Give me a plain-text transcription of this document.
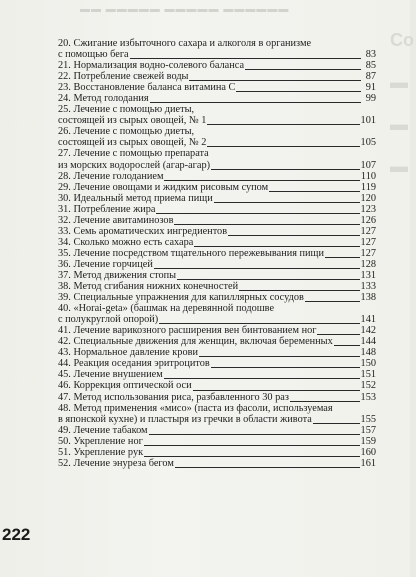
▬▬ ▬▬▬▬▬ ▬▬▬▬▬ ▬▬▬▬▬▬
Со

▬

▬

▬
20. Сжигание избыточного сахара и алкоголя в организме
с помощью бега	83
21. Нормализация водно-солевого баланса	85
22. Потребление свежей воды	87
23. Восстановление баланса витамина С	91
24. Метод голодания	99
25. Лечение с помощью диеты,
состоящей из сырых овощей, № 1	101
26. Лечение с помощью диеты,
состоящей из сырых овощей, № 2	105
27. Лечение с помощью препарата
из морских водорослей (агар-агар)	107
28. Лечение голоданием	110
29. Лечение овощами и жидким рисовым супом	119
30. Идеальный метод приема пищи	120
31. Потребление жира	123
32. Лечение авитаминозов	126
33. Семь ароматических ингредиентов	127
34. Сколько можно есть сахара	127
35. Лечение посредством тщательного пережевывания пищи	127
36. Лечение горчицей	128
37. Метод движения стопы	131
38. Метод сгибания нижних конечностей	133
39. Специальные упражнения для капиллярных сосудов	138
40. «Horai-geta» (башмак на деревянной подошве
с полукруглой опорой)	141
41. Лечение варикозного расширения вен бинтованием ног	142
42. Специальные движения для женщин, включая беременных	144
43. Нормальное давление крови	148
44. Реакция оседания эритроцитов	150
45. Лечение внушением	151
46. Коррекция оптической оси	152
47. Метод использования риса, разбавленного 30 раз	153
48. Метод применения «мисо» (паста из фасоли, используемая
в японской кухне) и пластыря из гречки в области живота	155
49. Лечение табаком	157
50. Укрепление ног	159
51. Укрепление рук	160
52. Лечение энуреза бегом	161
222
